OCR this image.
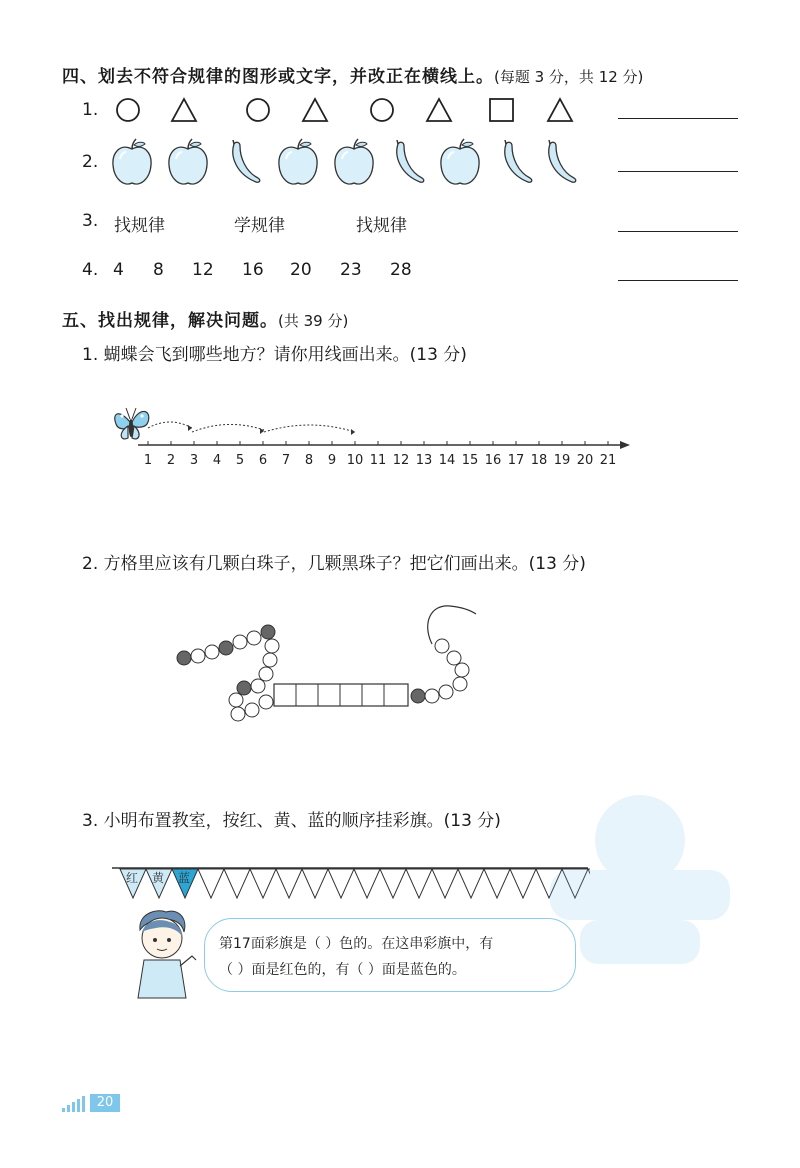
四、划去不符合规律的图形或文字，并改正在横线上。(每题 3 分，共 12 分)
1.
2.
3. 找规律	学规律	找规律
4. 4 8 12 16 20 23 28
五、找出规律，解决问题。(共 39 分)
1. 蝴蝶会飞到哪些地方？请你用线画出来。(13 分)
1 2 3 4 5 6 7 8 9 10 11 12 13 14 15 16 17 18 19 20 21
2. 方格里应该有几颗白珠子，几颗黑珠子？把它们画出来。(13 分)
3. 小明布置教室，按红、黄、蓝的顺序挂彩旗。(13 分)
红 黄 蓝
第17面彩旗是（ ）色的。在这串彩旗中，有
（ ）面是红色的，有（ ）面是蓝色的。
20
